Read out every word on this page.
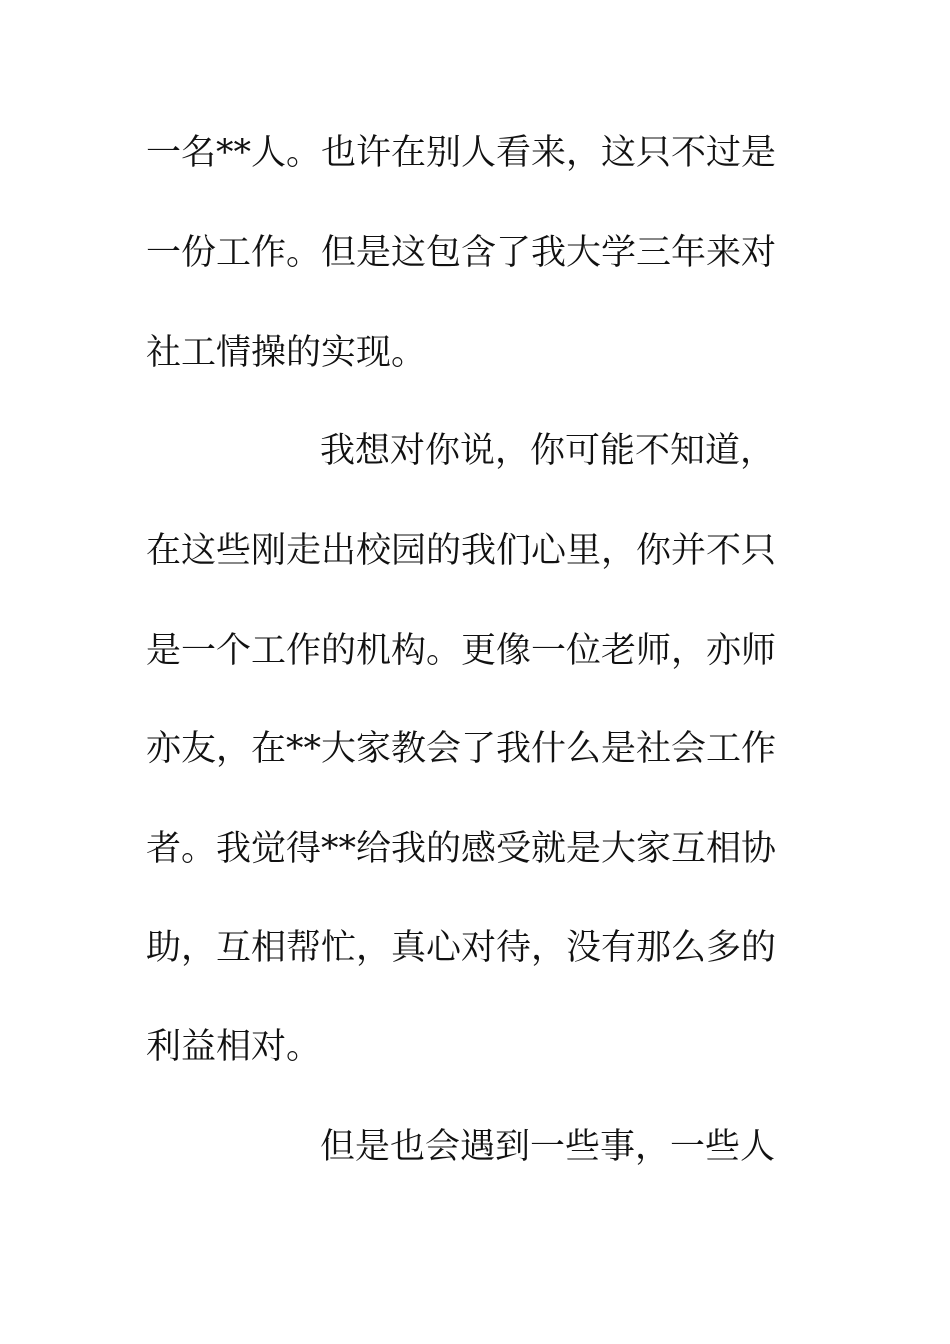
一名**人。也许在别人看来，这只不过是
一份工作。但是这包含了我大学三年来对
社工情操的实现。
我想对你说，你可能不知道，
在这些刚走出校园的我们心里，你并不只
是一个工作的机构。更像一位老师，亦师
亦友，在**大家教会了我什么是社会工作
者。我觉得**给我的感受就是大家互相协
助，互相帮忙，真心对待，没有那么多的
利益相对。
但是也会遇到一些事，一些人
